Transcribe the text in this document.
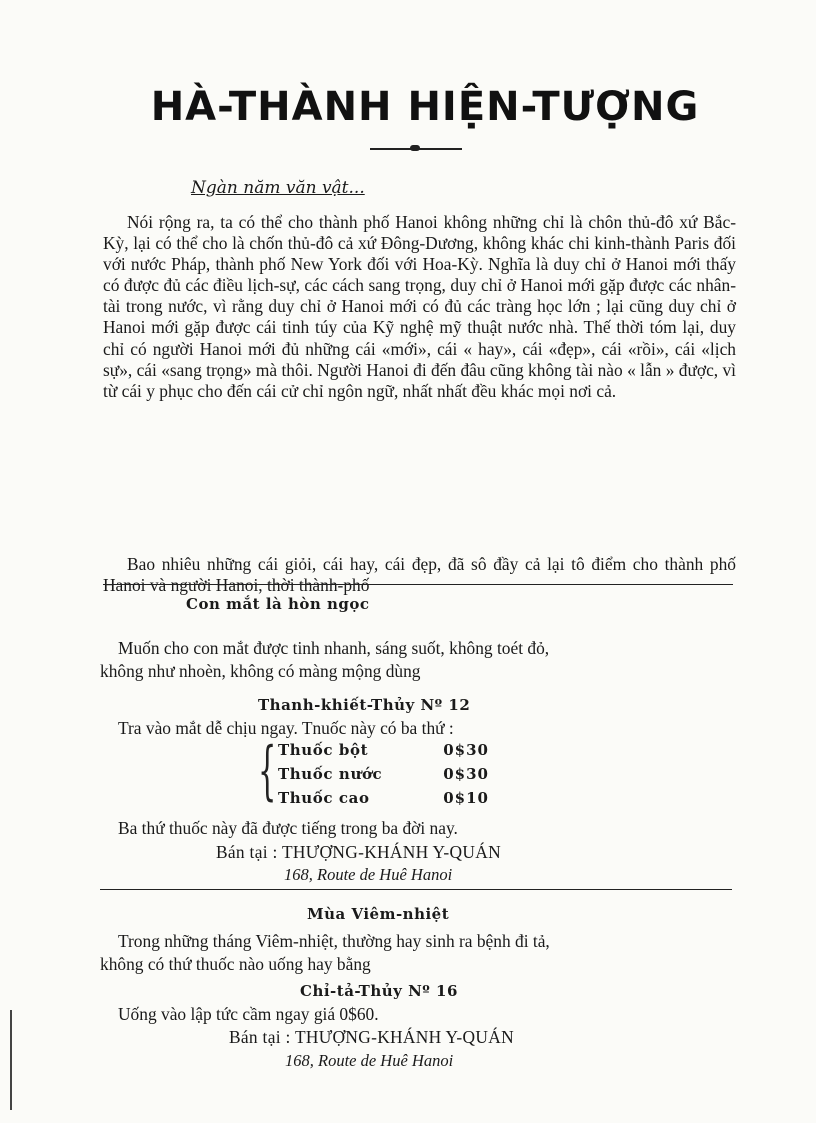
HÀ-THÀNH HIỆN-TƯỢNG
Ngàn năm văn vật...
Nói rộng ra, ta có thể cho thành phố Hanoi không những chỉ là chôn thủ-đô xứ Bắc-Kỳ, lại có thể cho là chốn thủ-đô cả xứ Đông-Dương, không khác chi kinh-thành Paris đối với nước Pháp, thành phố New York đối với Hoa-Kỳ. Nghĩa là duy chỉ ở Hanoi mới thấy có được đủ các điều lịch-sự, các cách sang trọng, duy chỉ ở Hanoi mới gặp được các nhân-tài trong nước, vì rằng duy chỉ ở Hanoi mới có đủ các tràng học lớn ; lại cũng duy chỉ ở Hanoi mới gặp được cái tinh túy của Kỹ nghệ mỹ thuật nước nhà. Thế thời tóm lại, duy chỉ có người Hanoi mới đủ những cái «mới», cái « hay», cái «đẹp», cái «rồi», cái «lịch sự», cái «sang trọng» mà thôi. Người Hanoi đi đến đâu cũng không tài nào « lẫn » được, vì từ cái y phục cho đến cái cử chỉ ngôn ngữ, nhất nhất đều khác mọi nơi cả.
Bao nhiêu những cái giỏi, cái hay, cái đẹp, đã sô đầy cả lại tô điểm cho thành phố Hanoi và người Hanoi, thời thành-phố
Con mắt là hòn ngọc
Muốn cho con mắt được tinh nhanh, sáng suốt, không toét đỏ,
không như nhoèn, không có màng mộng dùng
Thanh-khiết-Thủy Nº 12
Tra vào mắt dễ chịu ngay. Tnuốc này có ba thứ :
{ Thuốc bột	0$30
Thuốc nước	0$30
Thuốc cao	0$10
Ba thứ thuốc này đã được tiếng trong ba đời nay.
Bán tại : THƯỢNG-KHÁNH Y-QUÁN
168, Route de Huê Hanoi
Mùa Viêm-nhiệt
Trong những tháng Viêm-nhiệt, thường hay sinh ra bệnh đi tả,
không có thứ thuốc nào uống hay bằng
Chỉ-tả-Thủy Nº 16
Uống vào lập tức cầm ngay giá 0$60.
Bán tại : THƯỢNG-KHÁNH Y-QUÁN
168, Route de Huê Hanoi
